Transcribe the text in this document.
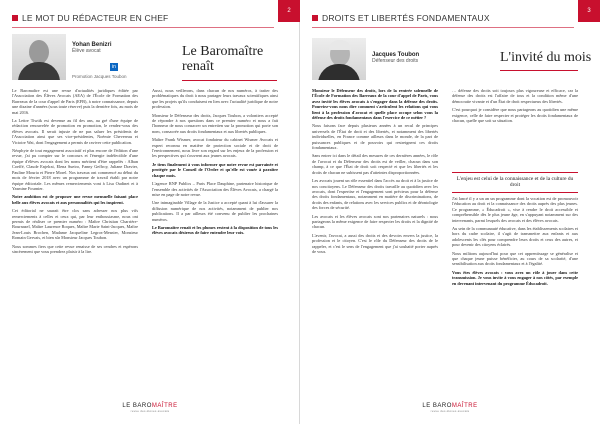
2
LE MOT DU RÉDACTEUR EN CHEF
Yohan Benizri
Élève avocat
in
Promotion Jacques Toubon
Le Baromaître
renaît

Le Baromaître est une revue d'actualités juridiques éditée par l'Association des Élèves Avocats (AEA) de l'École de Formation des Barreaux de la cour d'appel de Paris (EFB), à notre connaissance, depuis une dizaine d'années (sous toute réserve) puis la dernière fois, au mois de mai 2016.

La Lettre Tiwtik est devenue au fil des ans, au gré d'une équipe de rédaction renouvelée de promotion en promotion, le rendez-vous des élèves avocats. Il serait injuste de ne pas saluer les présidents de l'Association ainsi que ses vice-présidentes, Noémie Chevereau et Victoire Wai, dont l'engagement a permis de raviver cette publication.

Néophyte de tout engagement associatif et plus encore de l'édition d'une revue, j'ai pu compter sur le concours et l'énergie indéfectible d'une équipe d'élèves avocats dont les noms méritent d'être rappelés : Alban Coeffé, Claude Enjelrai, Elena Sueiro, Fanny Geffroy, Juliane Dravier, Pauline Mouria et Pierre Morel. Nos travaux ont commencé au début du mois de février 2018 avec un programme de travail établi par notre équipe éditoriale. Les mêmes remerciements vont à Lisa Oudinet et à Yasmine Fournier.

Notre ambition est de proposer une revue mensuelle faisant place belle aux élèves avocats et aux personnalités qui les inspirent.

Cet éditorial ne saurait être clos sans adresser nos plus vifs remerciements à celles et ceux qui, par leur enthousiasme, nous ont permis de réaliser ce premier numéro : Maître Christian Charrière-Bournazel, Maître Laurence Roques, Maître Marie Saint-Jacques, Maître Jean-Louis Brochen, Madame Jacqueline Legros-Mesnier, Monsieur Romain Gervais, et bien sûr Monsieur Jacques Toubon.

Nous sommes fiers que cette revue renaisse de ses cendres et espérons sincèrement que vous prendrez plaisir à la lire.

Aussi, nous veillerons, dans chacun de nos numéros, à traiter des problématiques du droit à nous partager leurs travaux scientifiques ainsi que les projets qu'ils conduisent en lien avec l'actualité juridique de notre profession.

Monsieur le Défenseur des droits, Jacques Toubon, a volontiers accepté de répondre à nos questions dans ce premier numéro et nous a fait l'honneur de nous consacrer un entretien sur la promotion qui porte son nom, consacrée aux droits fondamentaux et aux libertés publiques.

Maître Frank Wismer, avocat fondateur du cabinet Wismer Avocats et expert reconnu en matière de protection sociale et de droit de l'environnement, nous livre son regard sur les enjeux de la profession et les perspectives qui s'ouvrent aux jeunes avocats.

Je tiens finalement à vous informer que notre revue est parrainée et protégée par le Conseil de l'Ordre et qu'elle est vouée à paraître chaque mois.

L'agence RNP Publics – Paris Place Dauphine, partenaire historique de l'ensemble des activités de l'Association des Élèves Avocats, a chargé la mise en page de notre revue.

Une inimaginable Village de la Justice a accepté quant à lui d'assurer la diffusion numérique de nos activités, notamment de publier nos publications. Il a par ailleurs été convenu de publier les prochaines numéros.

Le Baromaître renaît et les plumes restent à la disposition de tous les élèves avocats désireux de faire entendre leur voix.

LE BAROMAÎTRE
revue des élèves avocats
3
DROITS ET LIBERTÉS FONDAMENTAUX
Jacques Toubon
Défenseur des droits	L'invité du mois

Monsieur le Défenseur des droits, lors de la rentrée solennelle de l'École de Formation des Barreaux de la cour d'appel de Paris, vous avez invité les élèves avocats à s'engager dans la défense des droits. Pourriez-vous nous dire comment s'articulent les relations qui vous lient à la profession d'avocat et quelle place occupe selon vous la défense des droits fondamentaux dans l'exercice de ce métier ?

Nous faisons face depuis plusieurs années à un recul de principes universels de l'État de droit et des libertés, et notamment des libertés individuelles, en France comme ailleurs dans le monde, de la part de puissances publiques et de pouvoirs qui restreignent ces droits fondamentaux.

Sans entrer ici dans le détail des mesures de ces dernières années, le rôle de l'avocat et du Défenseur des droits est de veiller, chacun dans son champ, à ce que l'État de droit soit respecté et que les libertés et les droits de chacun ne subissent pas d'atteintes disproportionnées.

Les avocats jouent un rôle essentiel dans l'accès au droit et à la justice de nos concitoyens. Le Défenseur des droits travaille au quotidien avec les avocats, dont l'expertise et l'engagement sont précieux pour la défense des droits fondamentaux, notamment en matière de discriminations, de droits des enfants, de relations avec les services publics et de déontologie des forces de sécurité.

Les avocats et les élèves avocats sont nos partenaires naturels : nous partageons la même exigence de faire respecter les droits et la dignité de chacun.

L'avenir, l'avocat, a aussi des droits et des devoirs envers la justice, la profession et le citoyen. C'est le rôle du Défenseur des droits de le rappeler, et c'est le sens de l'engagement que j'ai souhaité porter auprès de vous.

… défense des droits soit toujours plus vigoureuse et efficace, car la défense des droits est l'affaire de tous et la condition même d'une démocratie vivante et d'un État de droit respectueux des libertés.

C'est pourquoi je considère que nous partageons au quotidien une même exigence, celle de faire respecter et protéger les droits fondamentaux de chacun, quelle que soit sa situation.

L'enjeu est celui de la connaissance et de la culture du droit

J'ai lancé il y a un an un programme dont la vocation est de promouvoir l'éducation au droit et la connaissance des droits auprès des plus jeunes. Ce programme, « Éducadroit », vise à rendre le droit accessible et compréhensible dès le plus jeune âge, en s'appuyant notamment sur des intervenants, parmi lesquels des avocats et des élèves avocats.

Au sein de la communauté éducative, dans les établissements scolaires et hors du cadre scolaire, il s'agit de transmettre aux enfants et aux adolescents les clés pour comprendre leurs droits et ceux des autres, et pour devenir des citoyens éclairés.

Nous militons aujourd'hui pour que cet apprentissage se généralise et que chaque jeune puisse bénéficier, au cours de sa scolarité, d'une sensibilisation aux droits fondamentaux et à l'égalité.

Vous êtes élèves avocats : vous avez un rôle à jouer dans cette transmission. Je vous invite à vous engager à nos côtés, par exemple en devenant intervenant du programme Éducadroit.

LE BAROMAÎTRE
revue des élèves avocats
